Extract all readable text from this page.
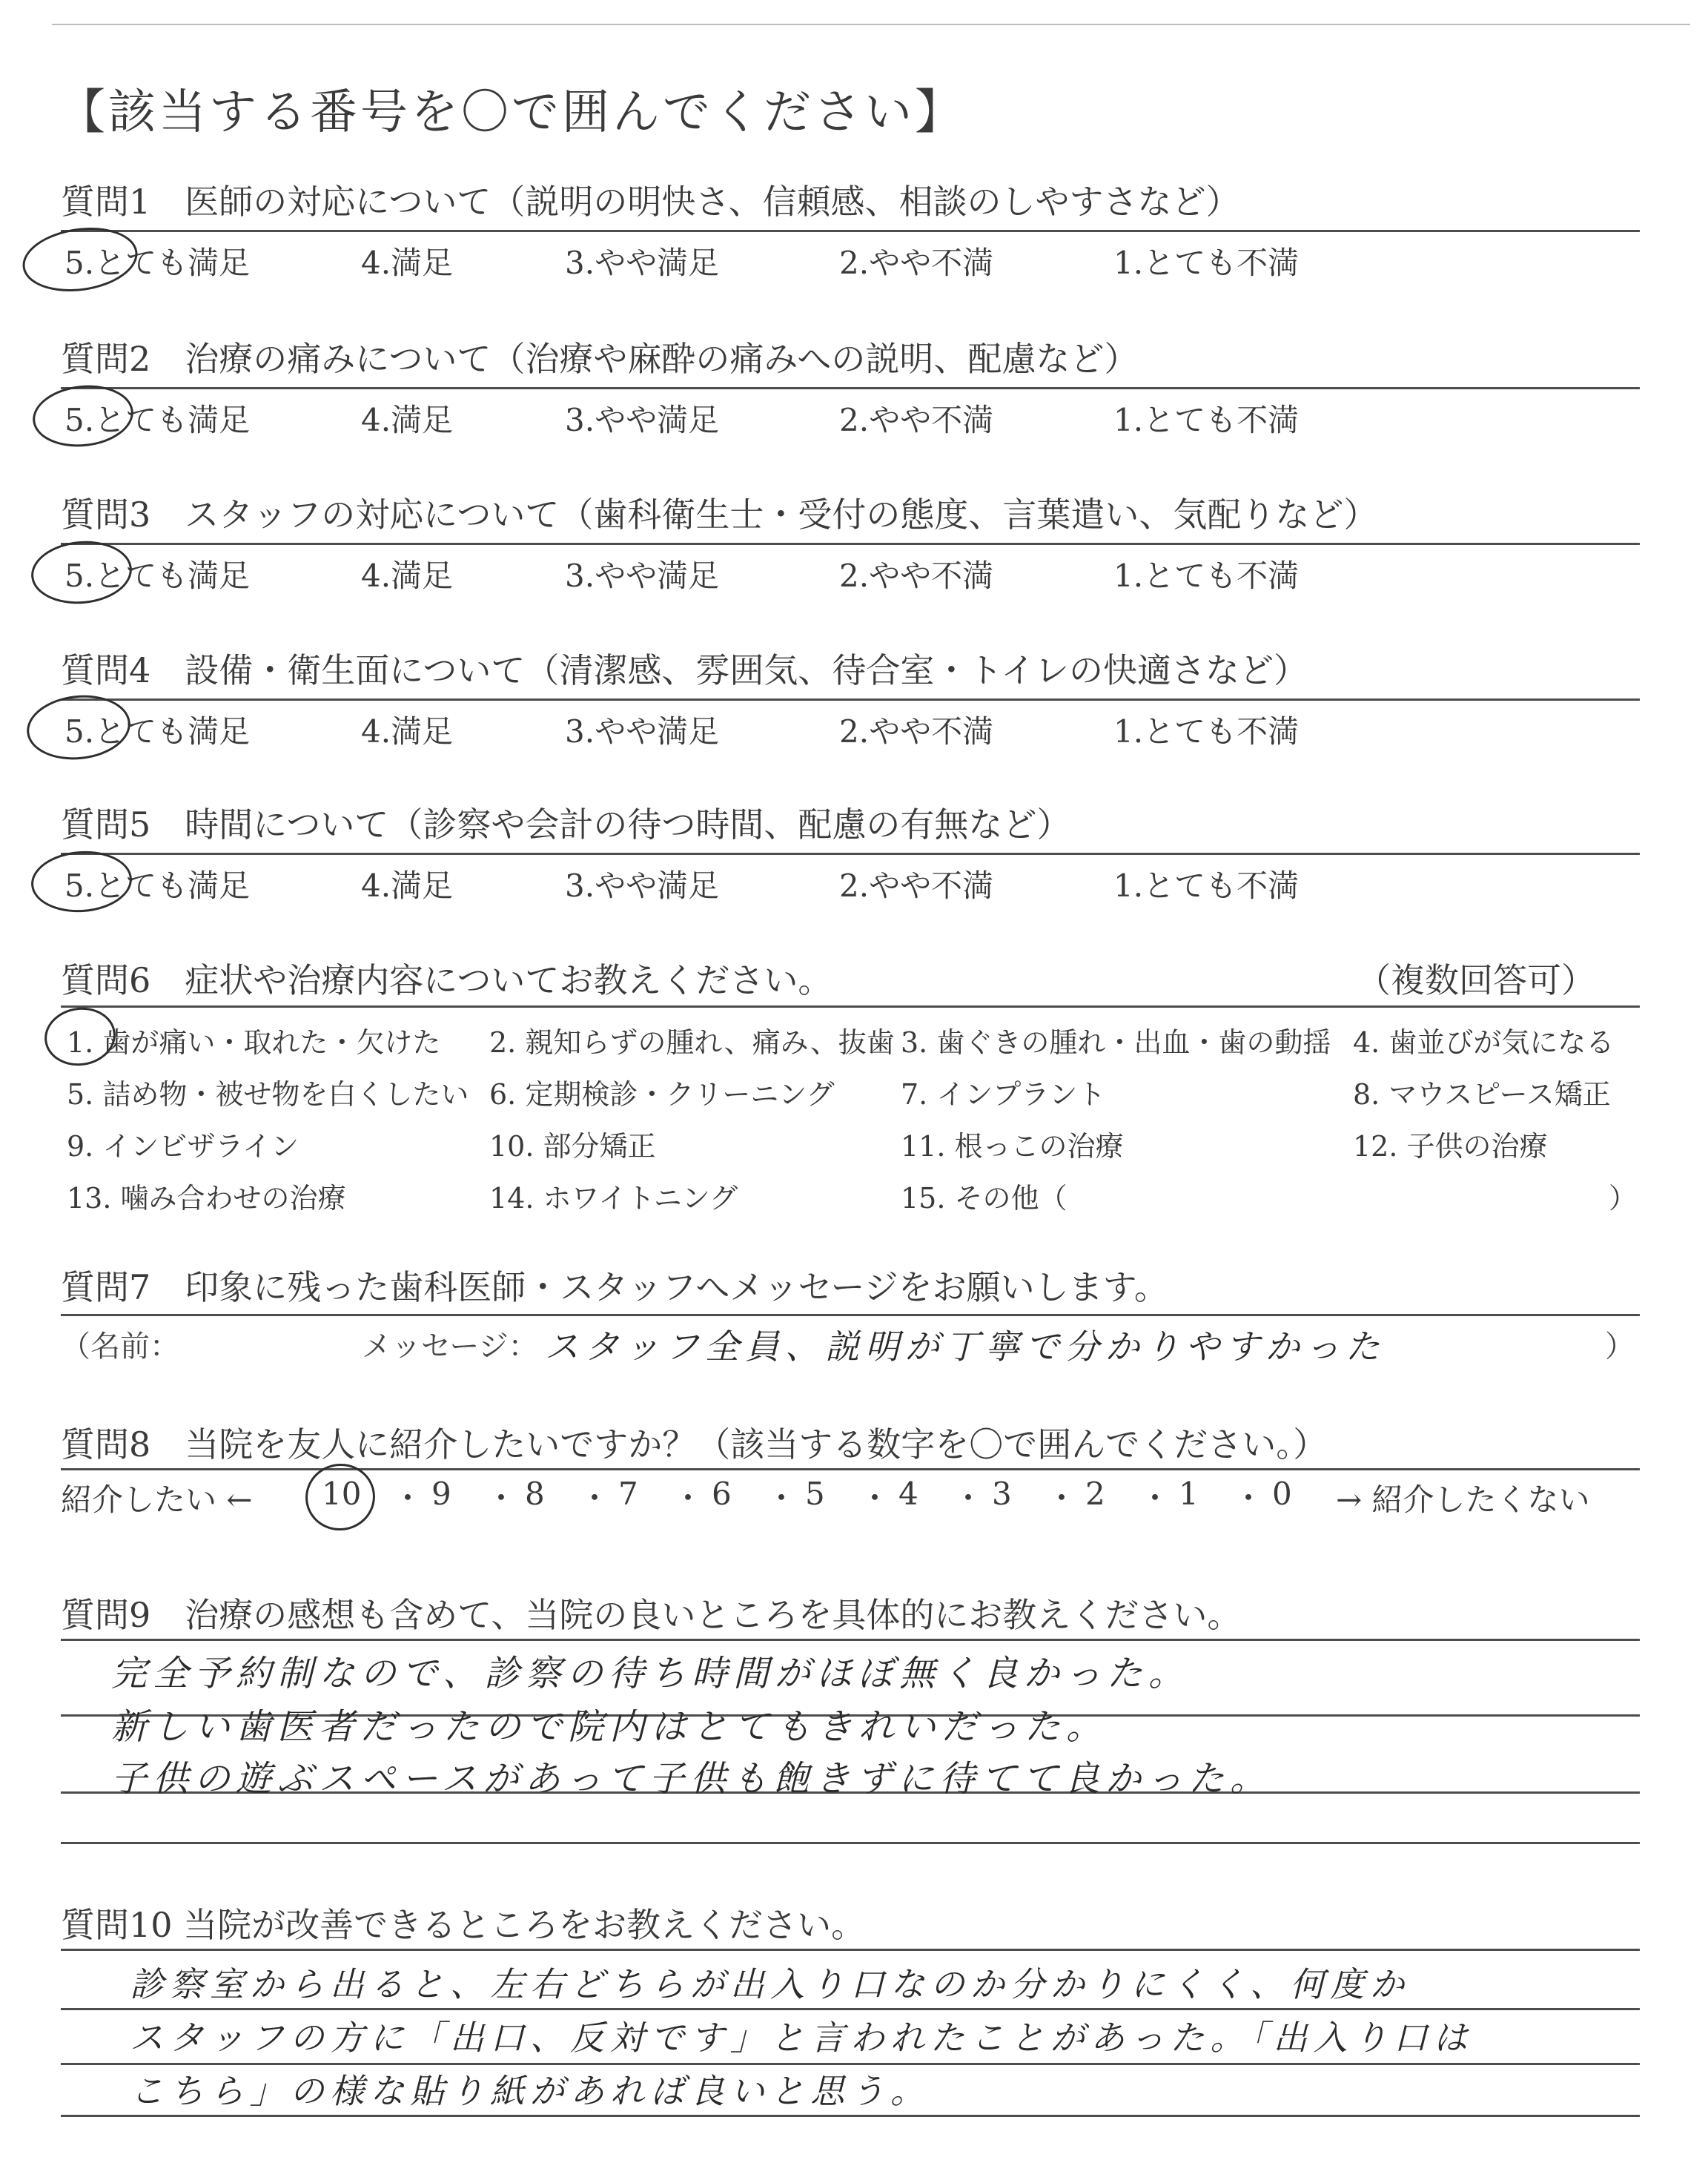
【該当する番号を〇で囲んでください】
質問1　医師の対応について（説明の明快さ、信頼感、相談のしやすさなど）
5.とても満足	4.満足	3.やや満足	2.やや不満	1.とても不満
質問2　治療の痛みについて（治療や麻酔の痛みへの説明、配慮など）
5.とても満足	4.満足	3.やや満足	2.やや不満	1.とても不満
質問3　スタッフの対応について（歯科衛生士・受付の態度、言葉遣い、気配りなど）
5.とても満足	4.満足	3.やや満足	2.やや不満	1.とても不満
質問4　設備・衛生面について（清潔感、雰囲気、待合室・トイレの快適さなど）
5.とても満足	4.満足	3.やや満足	2.やや不満	1.とても不満
質問5　時間について（診察や会計の待つ時間、配慮の有無など）
5.とても満足	4.満足	3.やや満足	2.やや不満	1.とても不満
質問6　症状や治療内容についてお教えください。	（複数回答可）
1. 歯が痛い・取れた・欠けた 2. 親知らずの腫れ、痛み、抜歯 3. 歯ぐきの腫れ・出血・歯の動揺 4. 歯並びが気になる
5. 詰め物・被せ物を白くしたい 6. 定期検診・クリーニング 7. インプラント	8. マウスピース矯正
9. インビザライン	10. 部分矯正	11. 根っこの治療	12. 子供の治療
13. 噛み合わせの治療	14. ホワイトニング	15. その他（	）
質問7　印象に残った歯科医師・スタッフへメッセージをお願いします。
（名前：	メッセージ： スタッフ全員、説明が丁寧で分かりやすかった	）
質問8　当院を友人に紹介したいですか？（該当する数字を〇で囲んでください。）
紹介したい ← 10 ・ 9 ・ 8 ・ 7 ・ 6 ・ 5 ・ 4 ・ 3 ・ 2 ・ 1 ・ 0 → 紹介したくない
質問9　治療の感想も含めて、当院の良いところを具体的にお教えください。
完全予約制なので、診察の待ち時間がほぼ無く良かった。
新しい歯医者だったので院内はとてもきれいだった。
子供の遊ぶスペースがあって子供も飽きずに待てて良かった。
質問10 当院が改善できるところをお教えください。
診察室から出ると、左右どちらが出入り口なのか分かりにくく、何度か
スタッフの方に「出口、反対です」と言われたことがあった。「出入り口は
こちら」の様な貼り紙があれば良いと思う。
